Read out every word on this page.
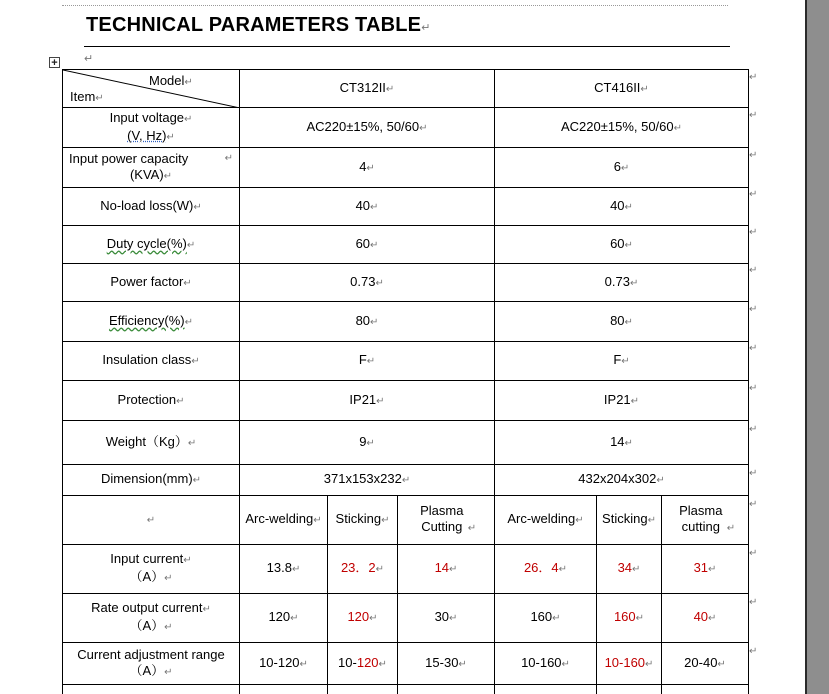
TECHNICAL PARAMETERS TABLE↵
↵
+
Model↵
Item↵	CT312II↵			CT416II↵		

Input voltage↵
(V, Hz)↵	AC220±15%, 50/60↵			AC220±15%, 50/60↵		

Input power capacity ↵
(KVA)↵	4↵			6↵		
No-load loss(W)↵	40↵			40↵		
Duty cycle(%)↵	60↵			60↵		
Power factor↵	0.73↵			0.73↵		
Efficiency(%)↵	80↵			80↵		
Insulation class↵	F↵			F↵		
Protection↵	IP21↵			IP21↵		
Weight（Kg）↵	9↵			14↵		
Dimension(mm)↵	371x153x232↵			432x204x302↵		
↵	Arc-welding↵	Sticking↵	Plasma Cutting ↵	Arc-welding↵	Sticking↵	Plasma cutting ↵

Input current↵
（A）↵	13.8↵	23．2↵	14↵	26．4↵	34↵	31↵

Rate output current↵
（A）↵	120↵	120↵	30↵	160↵	160↵	40↵

Current adjustment range
（A）↵	10-120↵	10-120↵	15-30↵	10-160↵	10-160↵	20-40↵

↵
↵
↵
↵
↵
↵
↵
↵
↵
↵
↵
↵
↵
↵
↵
